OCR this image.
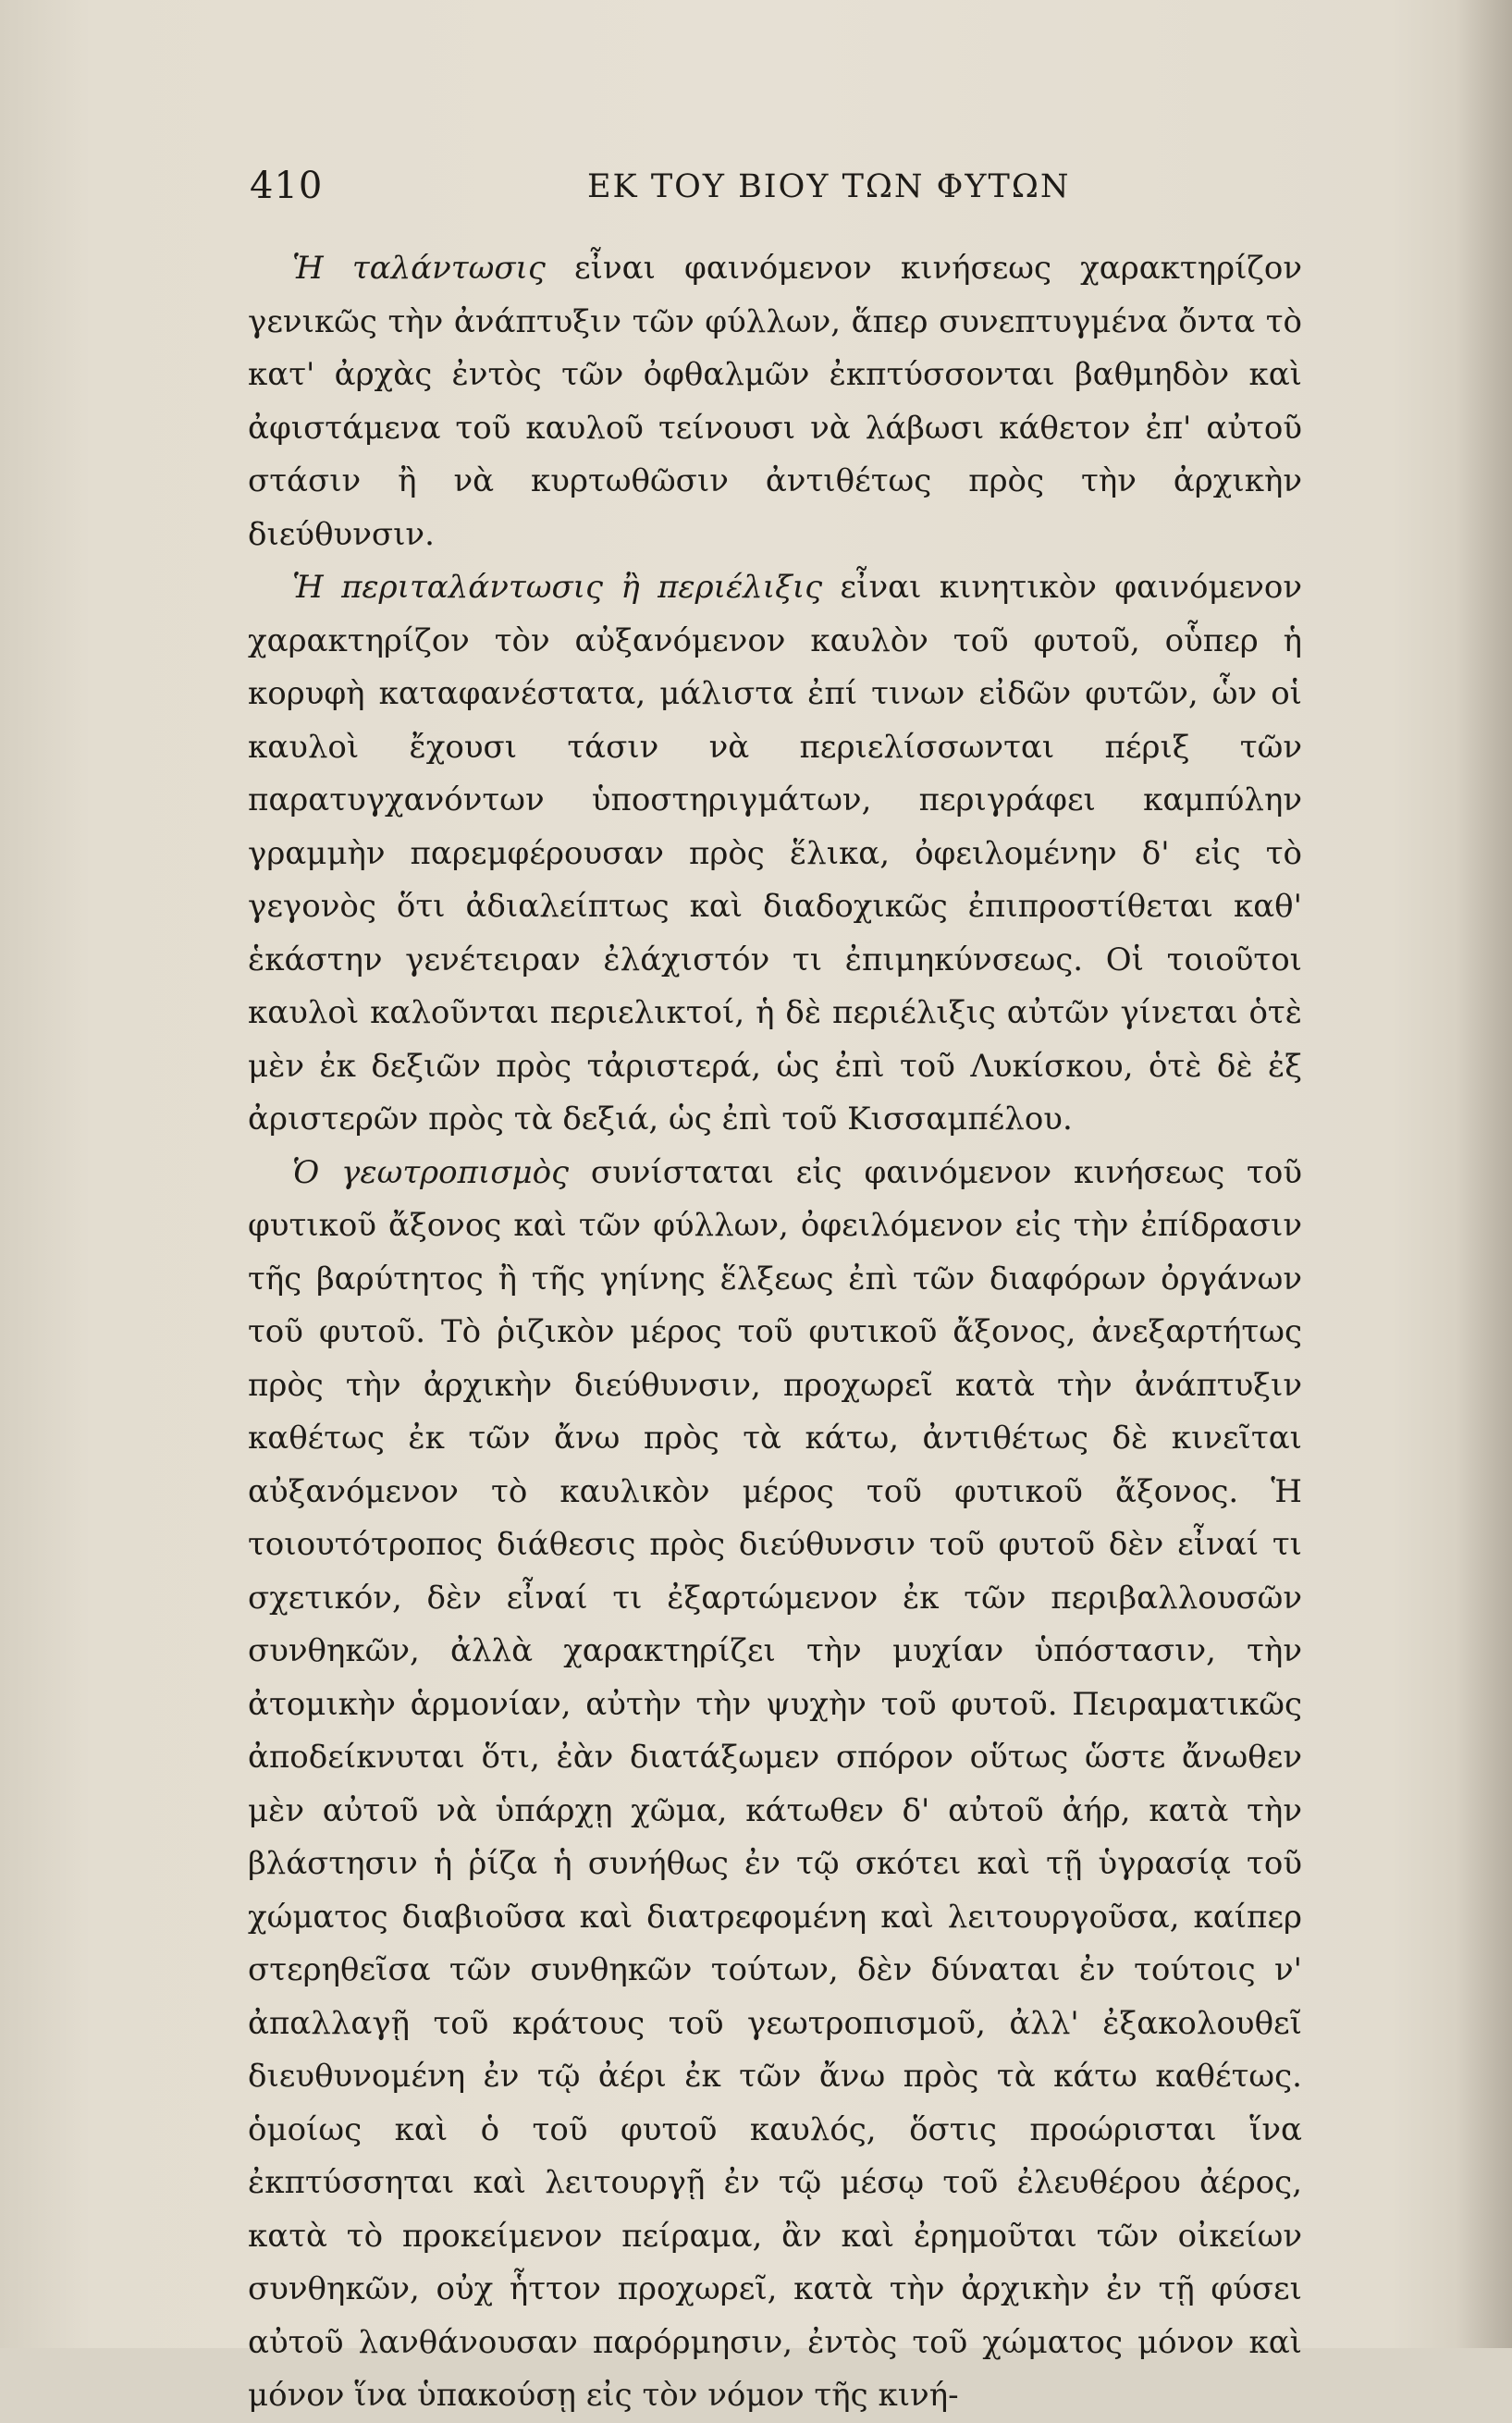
410	ΕΚ ΤΟΥ ΒΙΟΥ ΤΩΝ ΦΥΤΩΝ

Ἡ ταλάντωσις εἶναι φαινόμενον κινήσεως χαρακτηρίζον γενικῶς τὴν ἀνάπτυξιν τῶν φύλλων, ἅπερ συνεπτυγμένα ὄντα τὸ κατ' ἀρχὰς ἐντὸς τῶν ὀφθαλμῶν ἐκπτύσσονται βαθμηδὸν καὶ ἀφιστάμενα τοῦ καυλοῦ τείνουσι νὰ λάβωσι κάθετον ἐπ' αὐτοῦ στάσιν ἢ νὰ κυρτωθῶσιν ἀντιθέτως πρὸς τὴν ἀρχικὴν διεύθυνσιν.

Ἡ περιταλάντωσις ἢ περιέλιξις εἶναι κινητικὸν φαινόμενον χαρακτηρίζον τὸν αὐξανόμενον καυλὸν τοῦ φυτοῦ, οὗπερ ἡ κορυφὴ καταφανέστατα, μάλιστα ἐπί τινων εἰδῶν φυτῶν, ὧν οἱ καυλοὶ ἔχουσι τάσιν νὰ περιελίσσωνται πέριξ τῶν παρατυγχανόντων ὑποστηριγμάτων, περιγράφει καμπύλην γραμμὴν παρεμφέρουσαν πρὸς ἕλικα, ὀφειλομένην δ' εἰς τὸ γεγονὸς ὅτι ἀδιαλείπτως καὶ διαδοχικῶς ἐπιπροστίθεται καθ' ἑκάστην γενέτειραν ἐλάχιστόν τι ἐπιμηκύνσεως. Οἱ τοιοῦτοι καυλοὶ καλοῦνται περιελικτοί, ἡ δὲ περιέλιξις αὐτῶν γίνεται ὁτὲ μὲν ἐκ δεξιῶν πρὸς τἀριστερά, ὡς ἐπὶ τοῦ Λυκίσκου, ὁτὲ δὲ ἐξ ἀριστερῶν πρὸς τὰ δεξιά, ὡς ἐπὶ τοῦ Κισσαμπέλου.

Ὁ γεωτροπισμὸς συνίσταται εἰς φαινόμενον κινήσεως τοῦ φυτικοῦ ἄξονος καὶ τῶν φύλλων, ὀφειλόμενον εἰς τὴν ἐπίδρασιν τῆς βαρύτητος ἢ τῆς γηίνης ἕλξεως ἐπὶ τῶν διαφόρων ὀργάνων τοῦ φυτοῦ. Τὸ ῥιζικὸν μέρος τοῦ φυτικοῦ ἄξονος, ἀνεξαρτήτως πρὸς τὴν ἀρχικὴν διεύθυνσιν, προχωρεῖ κατὰ τὴν ἀνάπτυξιν καθέτως ἐκ τῶν ἄνω πρὸς τὰ κάτω, ἀντιθέτως δὲ κινεῖται αὐξανόμενον τὸ καυλικὸν μέρος τοῦ φυτικοῦ ἄξονος. Ἡ τοιουτότροπος διάθεσις πρὸς διεύθυνσιν τοῦ φυτοῦ δὲν εἶναί τι σχετικόν, δὲν εἶναί τι ἐξαρτώμενον ἐκ τῶν περιβαλλουσῶν συνθηκῶν, ἀλλὰ χαρακτηρίζει τὴν μυχίαν ὑπόστασιν, τὴν ἀτομικὴν ἁρμονίαν, αὐτὴν τὴν ψυχὴν τοῦ φυτοῦ. Πειραματικῶς ἀποδείκνυται ὅτι, ἐὰν διατάξωμεν σπόρον οὕτως ὥστε ἄνωθεν μὲν αὐτοῦ νὰ ὑπάρχῃ χῶμα, κάτωθεν δ' αὐτοῦ ἀήρ, κατὰ τὴν βλάστησιν ἡ ῥίζα ἡ συνήθως ἐν τῷ σκότει καὶ τῇ ὑγρασίᾳ τοῦ χώματος διαβιοῦσα καὶ διατρεφομένη καὶ λειτουργοῦσα, καίπερ στερηθεῖσα τῶν συνθηκῶν τούτων, δὲν δύναται ἐν τούτοις ν' ἀπαλλαγῇ τοῦ κράτους τοῦ γεωτροπισμοῦ, ἀλλ' ἐξακολουθεῖ διευθυνομένη ἐν τῷ ἀέρι ἐκ τῶν ἄνω πρὸς τὰ κάτω καθέτως. ὁμοίως καὶ ὁ τοῦ φυτοῦ καυλός, ὅστις προώρισται ἵνα ἐκπτύσσηται καὶ λειτουργῇ ἐν τῷ μέσῳ τοῦ ἐλευθέρου ἀέρος, κατὰ τὸ προκείμενον πείραμα, ἂν καὶ ἐρημοῦται τῶν οἰκείων συνθηκῶν, οὐχ ἧττον προχωρεῖ, κατὰ τὴν ἀρχικὴν ἐν τῇ φύσει αὐτοῦ λανθάνουσαν παρόρμησιν, ἐντὸς τοῦ χώματος μόνον καὶ μόνον ἵνα ὑπακούσῃ εἰς τὸν νόμον τῆς κινή-
